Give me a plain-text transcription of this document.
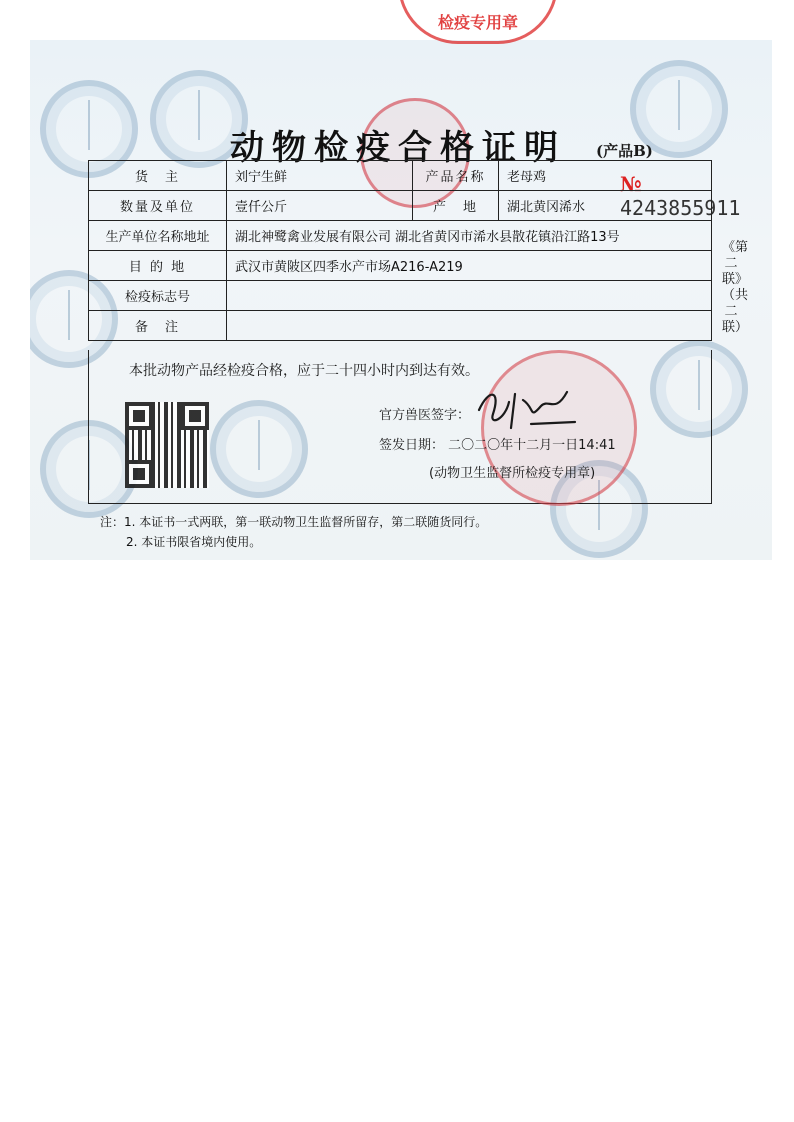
动物检疫合格证明 (产品B)
№ 4243855911
检疫专用章
货　主	刘宁生鲜	产品名称	老母鸡
数量及单位	壹仟公斤	产　地	湖北黄冈浠水
生产单位名称地址	湖北神鹭禽业发展有限公司 湖北省黄冈市浠水县散花镇沿江路13号		
目 的 地	武汉市黄陂区四季水产市场A216-A219		
检疫标志号			
备　注			
本批动物产品经检疫合格，应于二十四小时内到达有效。
官方兽医签字：
签发日期： 二〇二〇年十二月一日14:41
(动物卫生监督所检疫专用章)
《第二联》（共二联）
注：1. 本证书一式两联，第一联动物卫生监督所留存，第二联随货同行。
2. 本证书限省境内使用。
